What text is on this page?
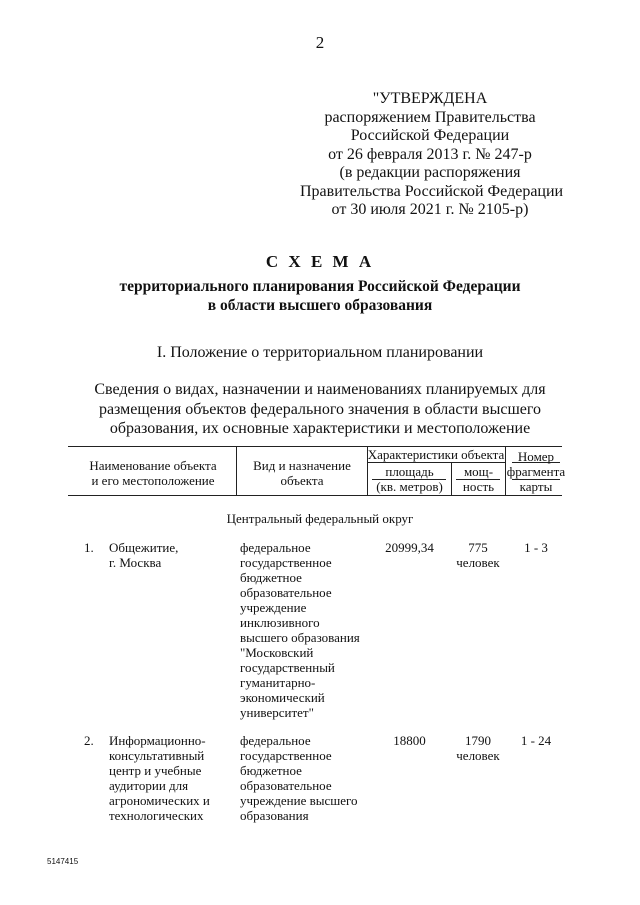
2
"УТВЕРЖДЕНА
распоряжением Правительства
Российской Федерации
от 26 февраля 2013 г. № 247-р
(в редакции распоряжения
Правительства Российской Федерации
от 30 июля 2021 г. № 2105-р)
С Х Е М А
территориального планирования Российской Федерации
в области высшего образования
I. Положение о территориальном планировании
Сведения о видах, назначении и наименованиях планируемых для
размещения объектов федерального значения в области высшего
образования, их основные характеристики и местоположение
Наименование объекта
и его местоположение
Вид и назначение
объекта
Характеристики объекта
площадь
(кв. метров)
мощ-
ность
Номер
фрагмента
карты
Центральный федеральный округ
1. Общежитие,
г. Москва
федеральное
государственное
бюджетное
образовательное
учреждение
инклюзивного
высшего образования
"Московский
государственный
гуманитарно-
экономический
университет"
20999,34	775
человек
1 - 3
2. Информационно-
консультативный
центр и учебные
аудитории для
агрономических и
технологических
федеральное
государственное
бюджетное
образовательное
учреждение высшего
образования
18800	1790
человек
1 - 24
5147415
